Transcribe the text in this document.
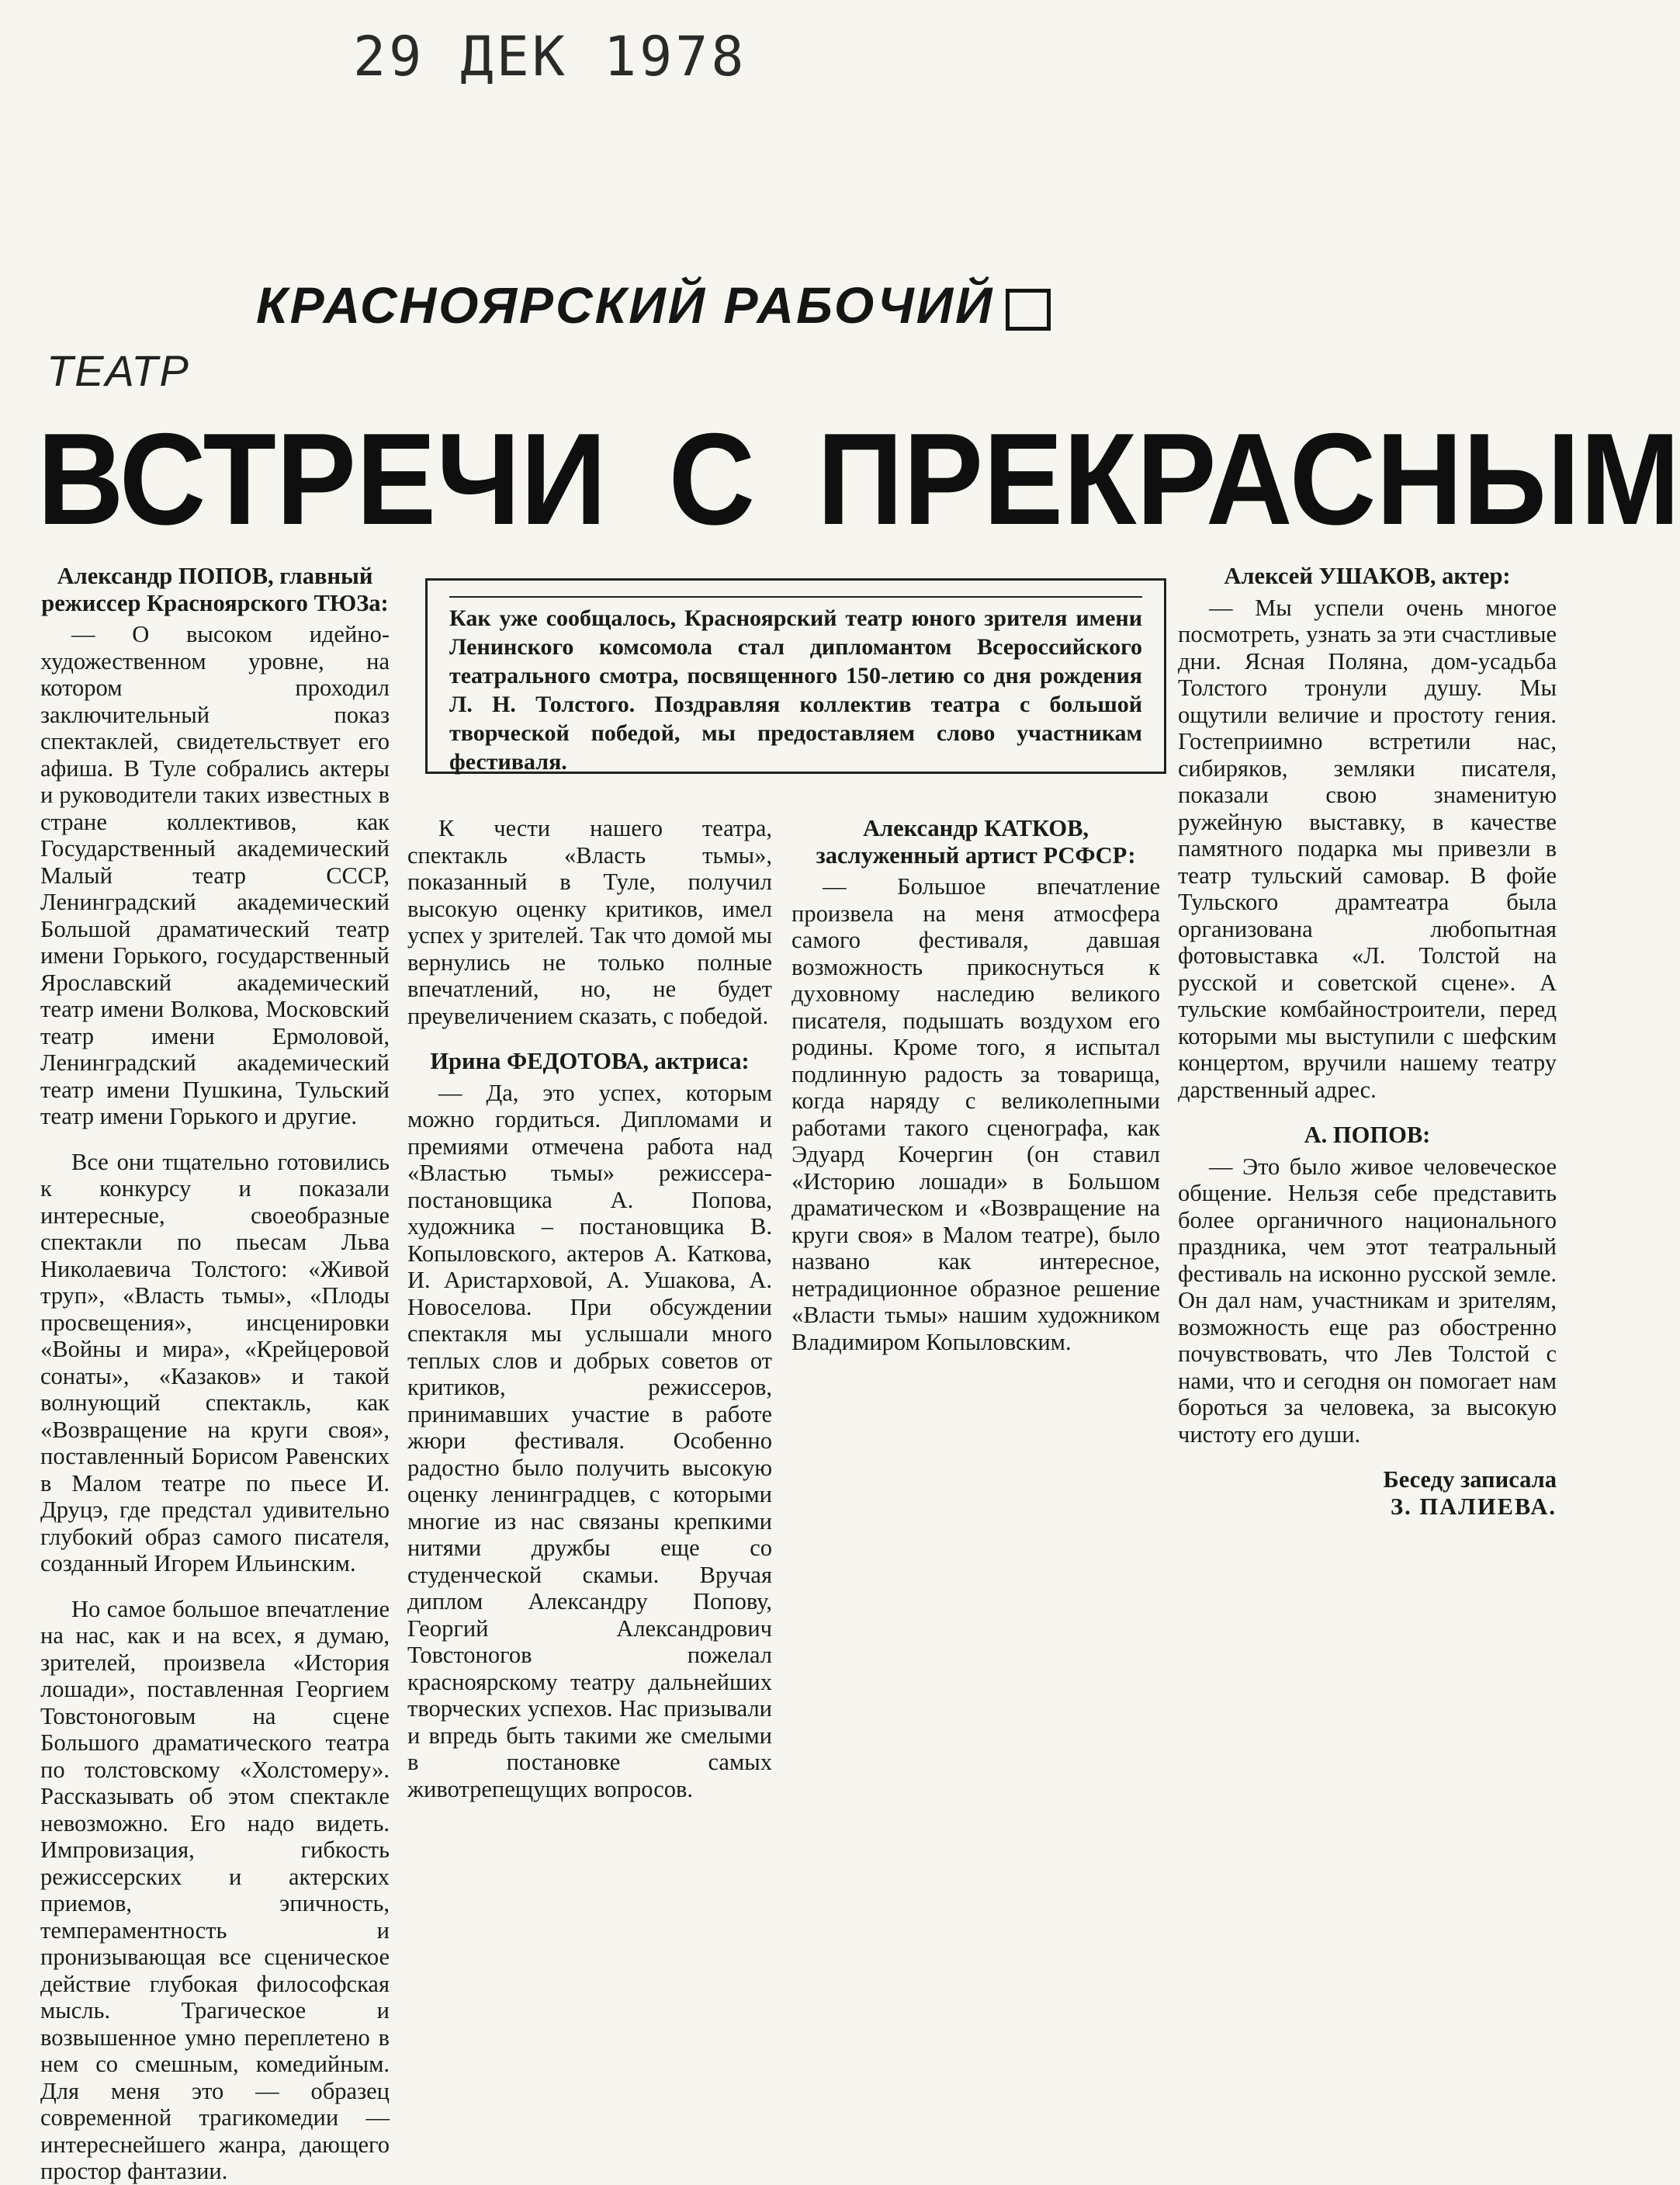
29 ДЕК 1978
КРАСНОЯРСКИЙ РАБОЧИЙ
ТЕАТР
ВСТРЕЧИ С ПРЕКРАСНЫМ

Александр ПОПОВ, главный режиссер Красноярского ТЮЗа:

— О высоком идейно-художественном уровне, на котором проходил заключительный показ спектаклей, свидетельствует его афиша. В Туле собрались актеры и руководители таких известных в стране коллективов, как Государственный академический Малый театр СССР, Ленинградский академический Большой драматический театр имени Горького, государственный Ярославский академический театр имени Волкова, Московский театр имени Ермоловой, Ленинградский академический театр имени Пушкина, Тульский театр имени Горького и другие.

Все они тщательно готовились к конкурсу и показали интересные, своеобразные спектакли по пьесам Льва Николаевича Толстого: «Живой труп», «Власть тьмы», «Плоды просвещения», инсценировки «Войны и мира», «Крейцеровой сонаты», «Казаков» и такой волнующий спектакль, как «Возвращение на круги своя», поставленный Борисом Равенских в Малом театре по пьесе И. Друцэ, где предстал удивительно глубокий образ самого писателя, созданный Игорем Ильинским.

Но самое большое впечатление на нас, как и на всех, я думаю, зрителей, произвела «История лошади», поставленная Георгием Товстоноговым на сцене Большого драматического театра по толстовскому «Холстомеру». Рассказывать об этом спектакле невозможно. Его надо видеть. Импровизация, гибкость режиссерских и актерских приемов, эпичность, темпераментность и пронизывающая все сценическое действие глубокая философская мысль. Трагическое и возвышенное умно переплетено в нем со смешным, комедийным. Для меня это — образец современной трагикомедии — интереснейшего жанра, дающего простор фантазии.

Как уже сообщалось, Красноярский театр юного зрителя имени Ленинского комсомола стал дипломантом Всероссийского театрального смотра, посвященного 150-летию со дня рождения Л. Н. Толстого. Поздравляя коллектив театра с большой творческой победой, мы предоставляем слово участникам фестиваля.

К чести нашего театра, спектакль «Власть тьмы», показанный в Туле, получил высокую оценку критиков, имел успех у зрителей. Так что домой мы вернулись не только полные впечатлений, но, не будет преувеличением сказать, с победой.

Ирина ФЕДОТОВА, актриса:

— Да, это успех, которым можно гордиться. Дипломами и премиями отмечена работа над «Властью тьмы» режиссера-постановщика А. Попова, художника – постановщика В. Копыловского, актеров А. Каткова, И. Аристарховой, А. Ушакова, А. Новоселова. При обсуждении спектакля мы услышали много теплых слов и добрых советов от критиков, режиссеров, принимавших участие в работе жюри фестиваля. Особенно радостно было получить высокую оценку ленинградцев, с которыми многие из нас связаны крепкими нитями дружбы еще со студенческой скамьи. Вручая диплом Александру Попову, Георгий Александрович Товстоногов пожелал красноярскому театру дальнейших творческих успехов. Нас призывали и впредь быть такими же смелыми в постановке самых животрепещущих вопросов.

Александр КАТКОВ, заслуженный артист РСФСР:

— Большое впечатление произвела на меня атмосфера самого фестиваля, давшая возможность прикоснуться к духовному наследию великого писателя, подышать воздухом его родины. Кроме того, я испытал подлинную радость за товарища, когда наряду с великолепными работами такого сценографа, как Эдуард Кочергин (он ставил «Историю лошади» в Большом драматическом и «Возвращение на круги своя» в Малом театре), было названо как интересное, нетрадиционное образное решение «Власти тьмы» нашим художником Владимиром Копыловским.

Алексей УШАКОВ, актер:

— Мы успели очень многое посмотреть, узнать за эти счастливые дни. Ясная Поляна, дом-усадьба Толстого тронули душу. Мы ощутили величие и простоту гения. Гостеприимно встретили нас, сибиряков, земляки писателя, показали свою знаменитую ружейную выставку, в качестве памятного подарка мы привезли в театр тульский самовар. В фойе Тульского драмтеатра была организована любопытная фотовыставка «Л. Толстой на русской и советской сцене». А тульские комбайностроители, перед которыми мы выступили с шефским концертом, вручили нашему театру дарственный адрес.

А. ПОПОВ:

— Это было живое человеческое общение. Нельзя себе представить более органичного национального праздника, чем этот театральный фестиваль на исконно русской земле. Он дал нам, участникам и зрителям, возможность еще раз обостренно почувствовать, что Лев Толстой с нами, что и сегодня он помогает нам бороться за человека, за высокую чистоту его души.

Беседу записала
З. ПАЛИЕВА.
